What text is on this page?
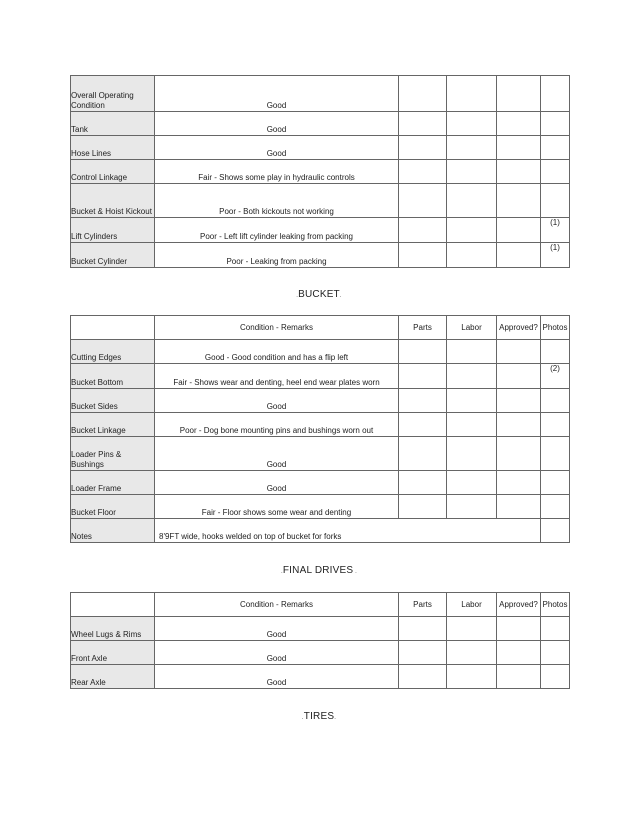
Overall Operating Condition	Good				
Tank	Good				
Hose Lines	Good				
Control Linkage	Fair - Shows some play in hydraulic controls				
Bucket & Hoist Kickout	Poor - Both kickouts not working				
Lift Cylinders	Poor - Left lift cylinder leaking from packing				(1)
Bucket Cylinder	Poor - Leaking from packing				(1)
.BUCKET.
	Condition - Remarks	Parts	Labor	Approved?	Photos
Cutting Edges	Good - Good condition and has a flip left				
Bucket Bottom	Fair - Shows wear and denting, heel end wear plates worn				(2)
Bucket Sides	Good				
Bucket Linkage	Poor - Dog bone mounting pins and bushings worn out				
Loader Pins & Bushings	Good				
Loader Frame	Good				
Bucket Floor	Fair - Floor shows some wear and denting				
Notes	8'9FT wide, hooks welded on top of bucket for forks				
.FINAL DRIVES .
	Condition - Remarks	Parts	Labor	Approved?	Photos
Wheel Lugs & Rims	Good				
Front Axle	Good				
Rear Axle	Good				
.TIRES.
